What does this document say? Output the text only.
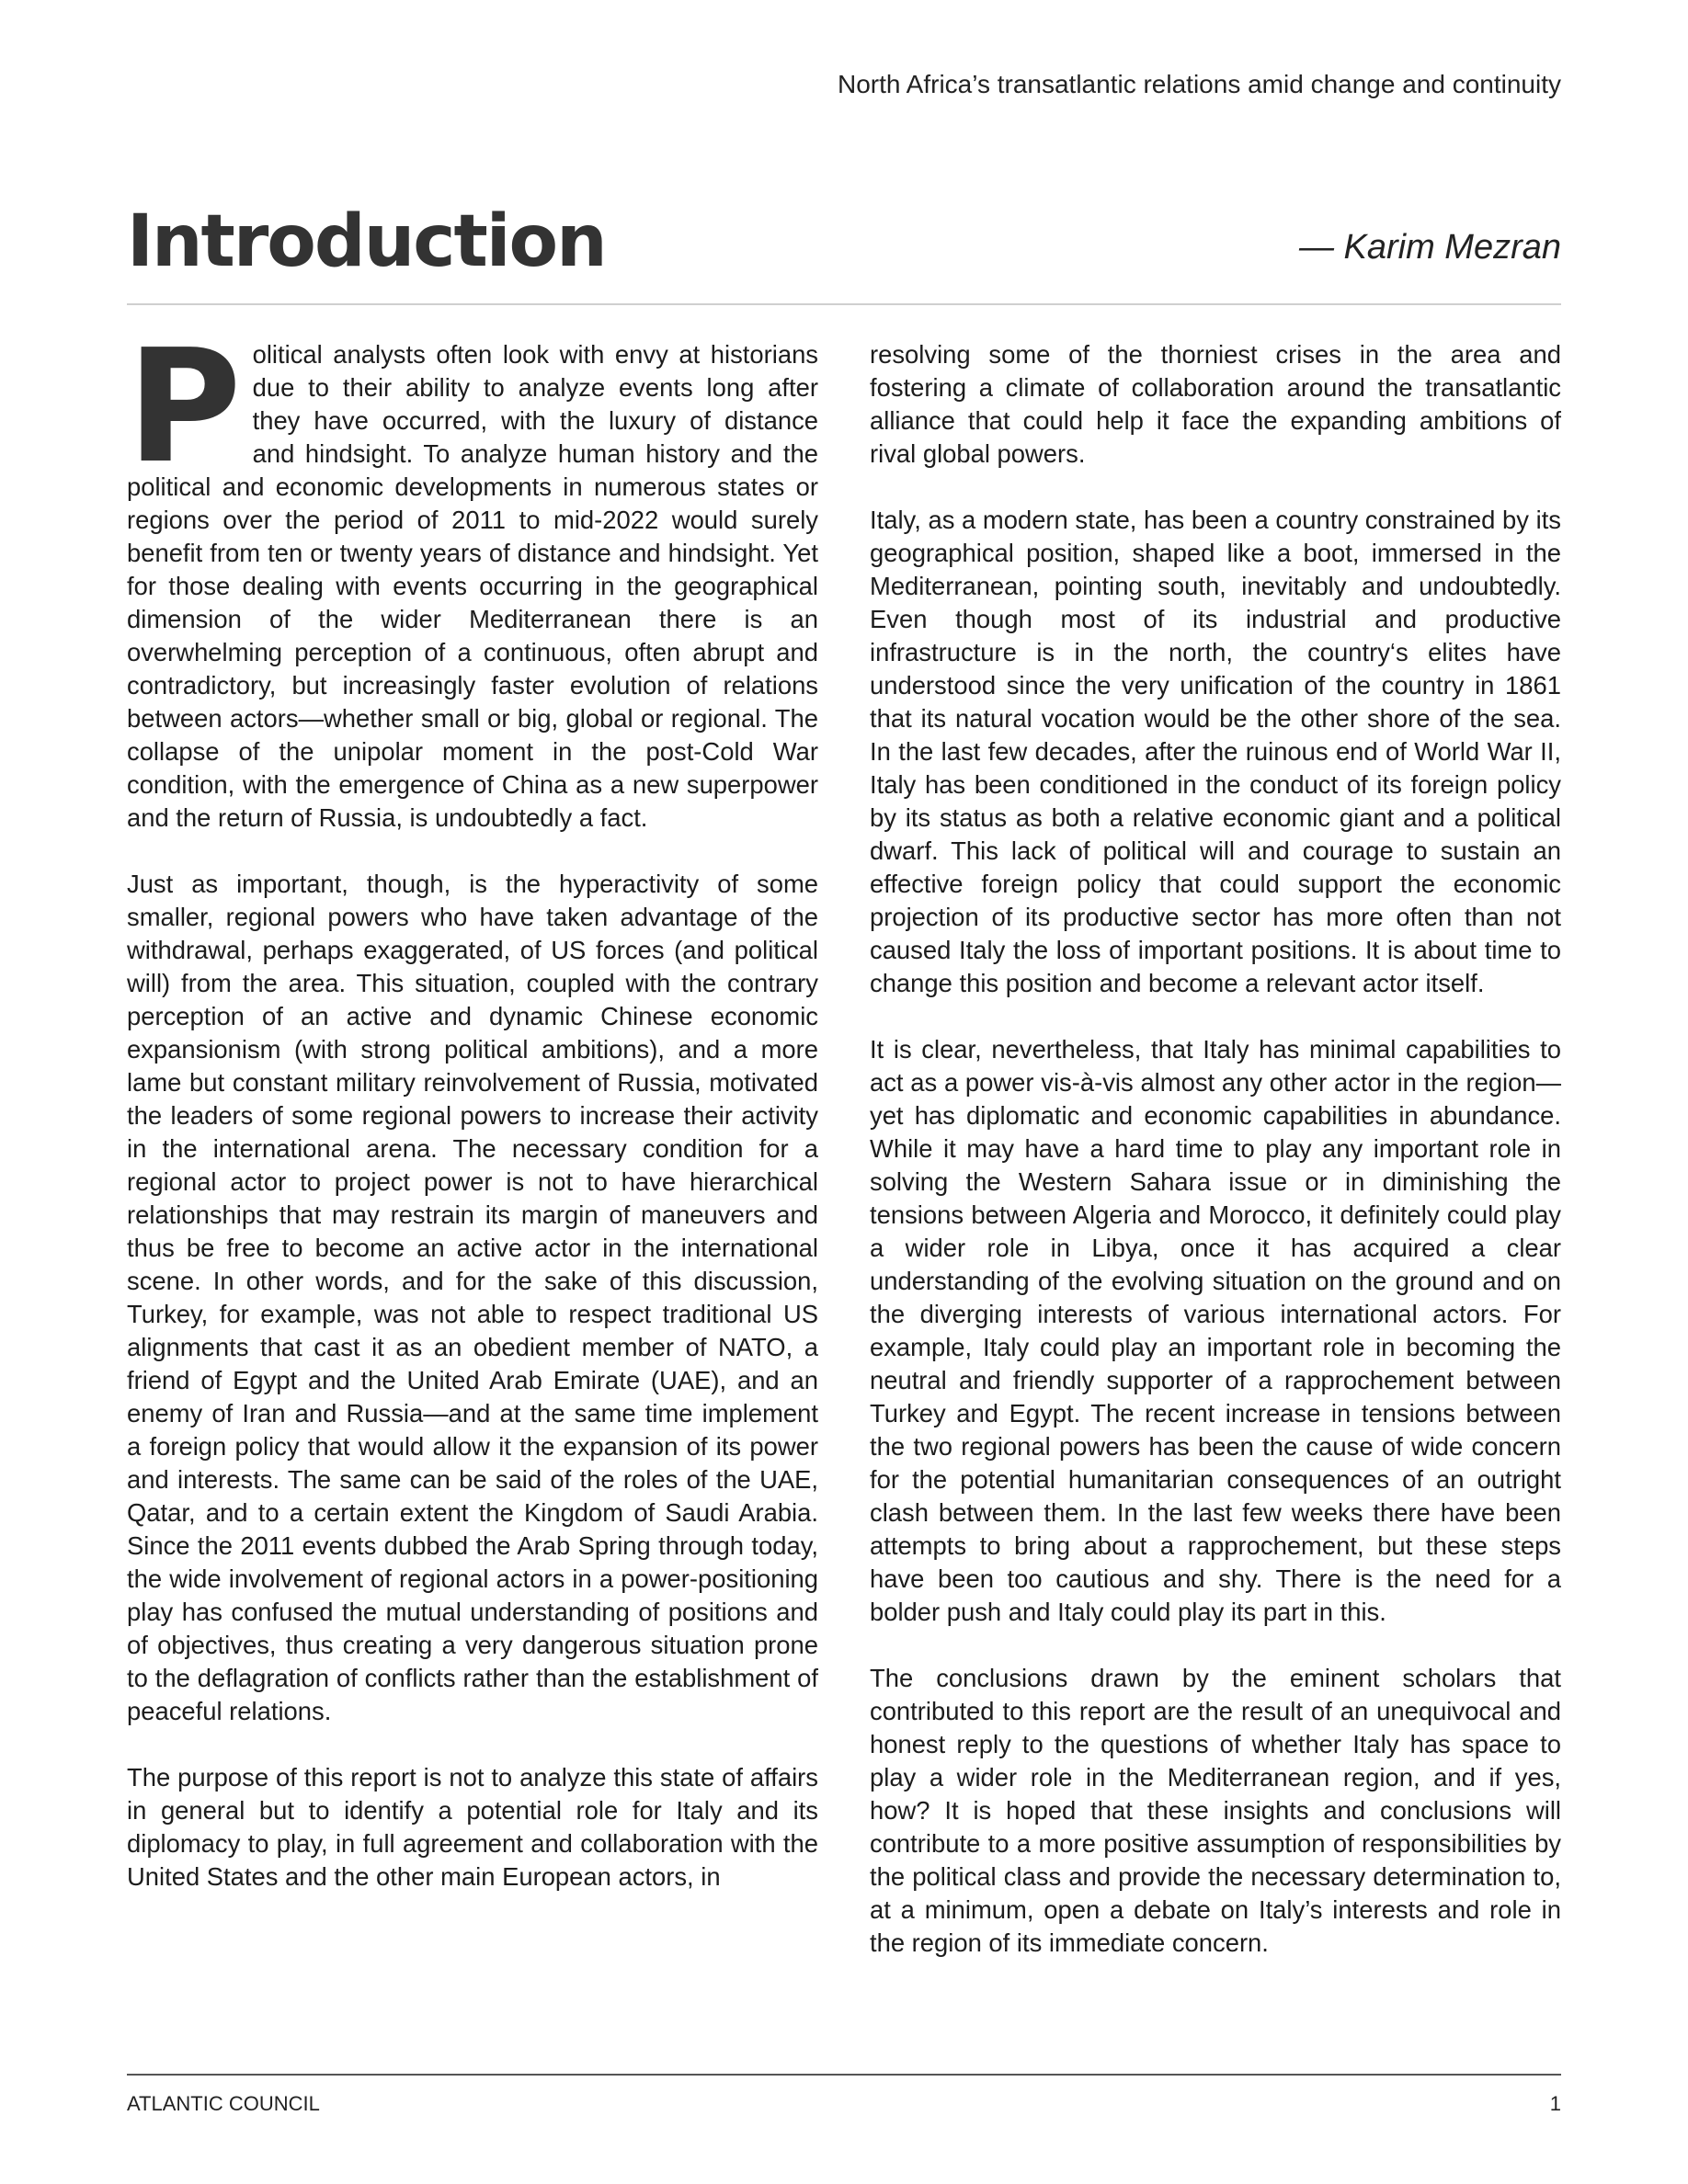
North Africa’s transatlantic relations amid change and continuity
Introduction	— Karim Mezran

Political analysts often look with envy at historians due to their ability to analyze events long after they have occurred, with the luxury of distance and hindsight. To analyze human history and the political and economic developments in numerous states or regions over the period of 2011 to mid-2022 would surely benefit from ten or twenty years of distance and hindsight. Yet for those dealing with events occurring in the geographical dimension of the wider Mediterranean there is an overwhelming perception of a continuous, often abrupt and contradictory, but increasingly faster evolution of relations between actors—whether small or big, global or regional. The collapse of the unipolar moment in the post-Cold War condition, with the emergence of China as a new superpower and the return of Russia, is undoubtedly a fact.

Just as important, though, is the hyperactivity of some smaller, regional powers who have taken advantage of the withdrawal, perhaps exaggerated, of US forces (and political will) from the area. This situation, coupled with the contrary perception of an active and dynamic Chinese economic expansionism (with strong political ambitions), and a more lame but constant military reinvolvement of Russia, motivated the leaders of some regional powers to increase their activity in the international arena. The necessary condition for a regional actor to project power is not to have hierarchical relationships that may restrain its margin of maneuvers and thus be free to become an active actor in the international scene. In other words, and for the sake of this discussion, Turkey, for example, was not able to respect traditional US alignments that cast it as an obedient member of NATO, a friend of Egypt and the United Arab Emirate (UAE), and an enemy of Iran and Russia—and at the same time implement a foreign policy that would allow it the expansion of its power and interests. The same can be said of the roles of the UAE, Qatar, and to a certain extent the Kingdom of Saudi Arabia. Since the 2011 events dubbed the Arab Spring through today, the wide involvement of regional actors in a power-positioning play has confused the mutual understanding of positions and of objectives, thus creating a very dangerous situation prone to the deflagration of conflicts rather than the establishment of peaceful relations.

The purpose of this report is not to analyze this state of affairs in general but to identify a potential role for Italy and its diplomacy to play, in full agreement and collaboration with the United States and the other main European actors, in

resolving some of the thorniest crises in the area and fostering a climate of collaboration around the transatlantic alliance that could help it face the expanding ambitions of rival global powers.

Italy, as a modern state, has been a country constrained by its geographical position, shaped like a boot, immersed in the Mediterranean, pointing south, inevitably and undoubtedly. Even though most of its industrial and productive infrastructure is in the north, the country‘s elites have understood since the very unification of the country in 1861 that its natural vocation would be the other shore of the sea. In the last few decades, after the ruinous end of World War II, Italy has been conditioned in the conduct of its foreign policy by its status as both a relative economic giant and a political dwarf. This lack of political will and courage to sustain an effective foreign policy that could support the economic projection of its productive sector has more often than not caused Italy the loss of important positions. It is about time to change this position and become a relevant actor itself.

It is clear, nevertheless, that Italy has minimal capabilities to act as a power vis-à-vis almost any other actor in the region—yet has diplomatic and economic capabilities in abundance. While it may have a hard time to play any important role in solving the Western Sahara issue or in diminishing the tensions between Algeria and Morocco, it definitely could play a wider role in Libya, once it has acquired a clear understanding of the evolving situation on the ground and on the diverging interests of various international actors. For example, Italy could play an important role in becoming the neutral and friendly supporter of a rapprochement between Turkey and Egypt. The recent increase in tensions between the two regional powers has been the cause of wide concern for the potential humanitarian consequences of an outright clash between them. In the last few weeks there have been attempts to bring about a rapprochement, but these steps have been too cautious and shy. There is the need for a bolder push and Italy could play its part in this.

The conclusions drawn by the eminent scholars that contributed to this report are the result of an unequivocal and honest reply to the questions of whether Italy has space to play a wider role in the Mediterranean region, and if yes, how? It is hoped that these insights and conclusions will contribute to a more positive assumption of responsibilities by the political class and provide the necessary determination to, at a minimum, open a debate on Italy’s interests and role in the region of its immediate concern.

ATLANTIC COUNCIL	1
